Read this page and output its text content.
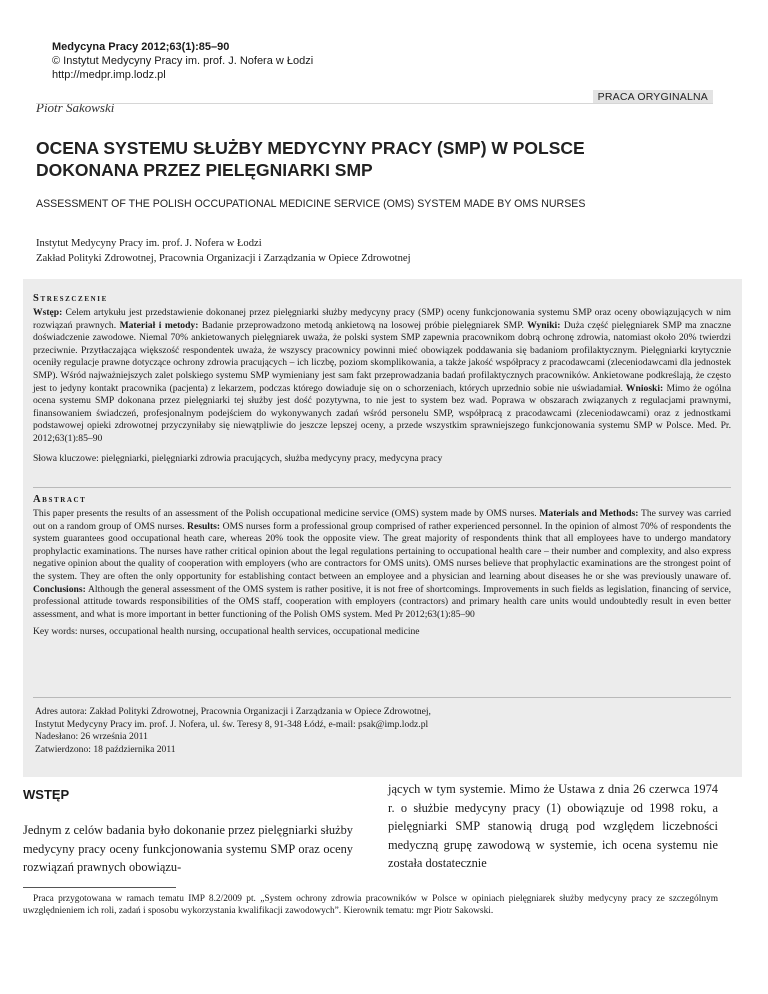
Medycyna Pracy 2012;63(1):85–90
© Instytut Medycyny Pracy im. prof. J. Nofera w Łodzi
http://medpr.imp.lodz.pl
Piotr Sakowski
PRACA ORYGINALNA
OCENA SYSTEMU SŁUŻBY MEDYCYNY PRACY (SMP) W POLSCE DOKONANA PRZEZ PIELĘGNIARKI SMP
ASSESSMENT OF THE POLISH OCCUPATIONAL MEDICINE SERVICE (OMS) SYSTEM MADE BY OMS NURSES
Instytut Medycyny Pracy im. prof. J. Nofera w Łodzi
Zakład Polityki Zdrowotnej, Pracownia Organizacji i Zarządzania w Opiece Zdrowotnej
Streszczenie

Wstęp: Celem artykułu jest przedstawienie dokonanej przez pielęgniarki służby medycyny pracy (SMP) oceny funkcjonowania systemu SMP oraz oceny obowiązujących w nim rozwiązań prawnych. Materiał i metody: Badanie przeprowadzono metodą ankietową na losowej próbie pielęgniarek SMP. Wyniki: Duża część pielęgniarek SMP ma znaczne doświadczenie zawodowe. Niemal 70% ankietowanych pielęgniarek uważa, że polski system SMP zapewnia pracownikom dobrą ochronę zdrowia, natomiast około 20% twierdzi przeciwnie. Przytłaczająca większość respondentek uważa, że wszyscy pracownicy powinni mieć obowiązek poddawania się badaniom profilaktycznym. Pielęgniarki krytycznie oceniły regulacje prawne dotyczące ochrony zdrowia pracujących – ich liczbę, poziom skomplikowania, a także jakość współpracy z pracodawcami (zleceniodawcami dla jednostek SMP). Wśród najważniejszych zalet polskiego systemu SMP wymieniany jest sam fakt przeprowadzania badań profilaktycznych pracowników. Ankietowane podkreślają, że często jest to jedyny kontakt pracownika (pacjenta) z lekarzem, podczas którego dowiaduje się on o schorzeniach, których uprzednio sobie nie uświadamiał. Wnioski: Mimo że ogólna ocena systemu SMP dokonana przez pielęgniarki tej służby jest dość pozytywna, to nie jest to system bez wad. Poprawa w obszarach związanych z regulacjami prawnymi, finansowaniem świadczeń, profesjonalnym podejściem do wykonywanych zadań wśród personelu SMP, współpracą z pracodawcami (zleceniodawcami) oraz z jednostkami podstawowej opieki zdrowotnej przyczyniłaby się niewątpliwie do jeszcze lepszej oceny, a przede wszystkim sprawniejszego funkcjonowania systemu SMP w Polsce. Med. Pr. 2012;63(1):85–90

Słowa kluczowe: pielęgniarki, pielęgniarki zdrowia pracujących, służba medycyny pracy, medycyna pracy

Abstract

This paper presents the results of an assessment of the Polish occupational medicine service (OMS) system made by OMS nurses. Materials and Methods: The survey was carried out on a random group of OMS nurses. Results: OMS nurses form a professional group comprised of rather experienced personnel. In the opinion of almost 70% of respondents the system guarantees good occupational heath care, whereas 20% took the opposite view. The great majority of respondents think that all employees have to undergo mandatory prophylactic examinations. The nurses have rather critical opinion about the legal regulations pertaining to occupational health care – their number and complexity, and also express negative opinion about the quality of cooperation with employers (who are contractors for OMS units). OMS nurses believe that prophylactic examinations are the strongest point of the system. They are often the only opportunity for establishing contact between an employee and a physician and learning about diseases he or she was previously unaware of. Conclusions: Although the general assessment of the OMS system is rather positive, it is not free of shortcomings. Improvements in such fields as legislation, financing of service, professional attitude towards responsibilities of the OMS staff, cooperation with employers (contractors) and primary health care units would undoubtedly result in even better assessment, and what is more important in better functioning of the Polish OMS system. Med Pr 2012;63(1):85–90

Key words: nurses, occupational health nursing, occupational health services, occupational medicine

Adres autora: Zakład Polityki Zdrowotnej, Pracownia Organizacji i Zarządzania w Opiece Zdrowotnej,
Instytut Medycyny Pracy im. prof. J. Nofera, ul. św. Teresy 8, 91-348 Łódź, e-mail: psak@imp.lodz.pl
Nadesłano: 26 września 2011
Zatwierdzono: 18 października 2011
WSTĘP

Jednym z celów badania było dokonanie przez pielęgniarki służby medycyny pracy oceny funkcjonowania systemu SMP oraz oceny rozwiązań prawnych obowiązu-

jących w tym systemie. Mimo że Ustawa z dnia 26 czerwca 1974 r. o służbie medycyny pracy (1) obowiązuje od 1998 roku, a pielęgniarki SMP stanowią drugą pod względem liczebności medyczną grupę zawodową w systemie, ich ocena systemu nie została dostatecznie

Praca przygotowana w ramach tematu IMP 8.2/2009 pt. „System ochrony zdrowia pracowników w Polsce w opiniach pielęgniarek służby medycyny pracy ze szczególnym uwzględnieniem ich roli, zadań i sposobu wykorzystania kwalifikacji zawodowych”. Kierownik tematu: mgr Piotr Sakowski.
